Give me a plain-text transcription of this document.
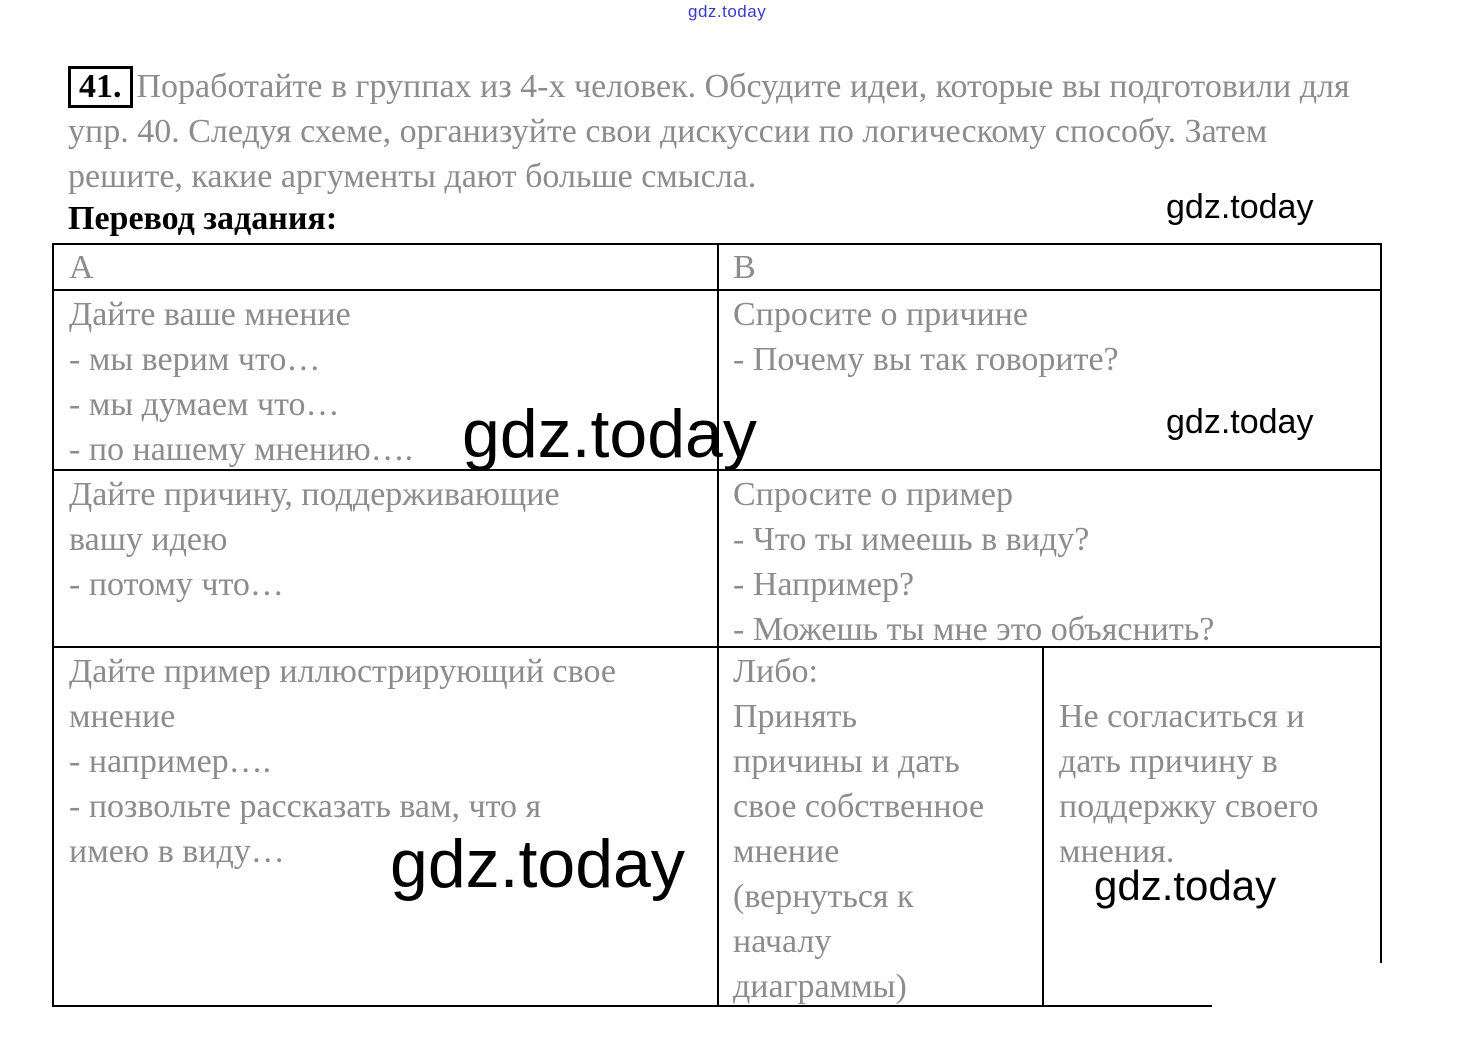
gdz.today
41. Поработайте в группах из 4-х человек. Обсудите идеи, которые вы подготовили для упр. 40. Следуя схеме, организуйте свои дискуссии по логическому способу. Затем решите, какие аргументы дают больше смысла.
Перевод задания:
A	B
Дайте ваше мнение
- мы верим что…
- мы думаем что…
- по нашему мнению….
Спросите о причине
- Почему вы так говорите?
Дайте причину, поддерживающие
вашу идею
- потому что…
Спросите о пример
- Что ты имеешь в виду?
- Например?
- Можешь ты мне это объяснить?
Дайте пример иллюстрирующий свое
мнение
- например….
- позвольте рассказать вам, что я
имею в виду…
Либо:
Принять
причины и дать
свое собственное
мнение
(вернуться к
началу
диаграммы)
Не согласиться и
дать причину в
поддержку своего
мнения.
gdz.today
gdz.today
gdz.today
gdz.today	gdz.today
